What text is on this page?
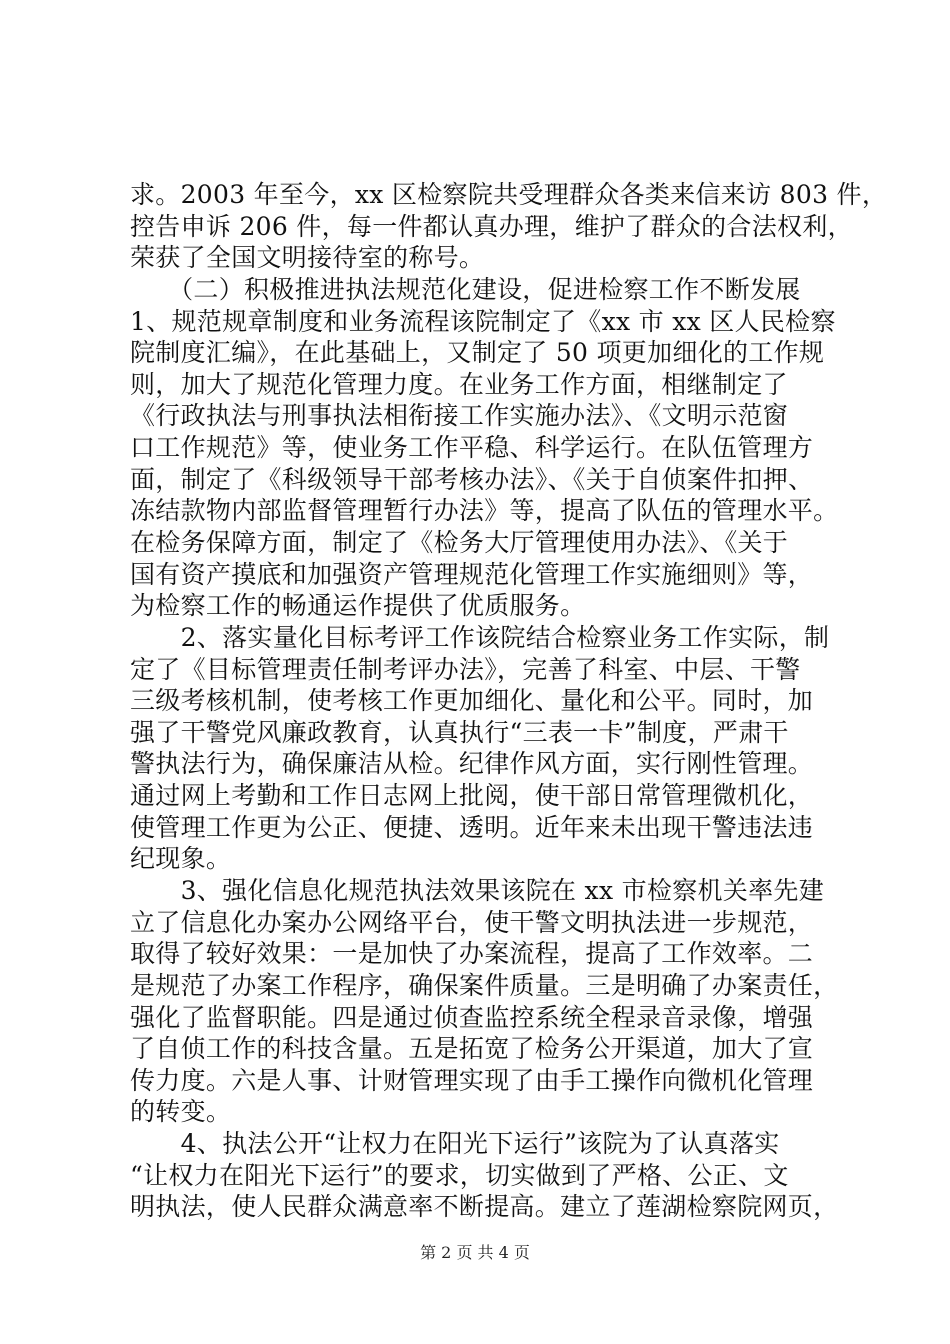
求。2003 年至今，xx 区检察院共受理群众各类来信来访 803 件，
控告申诉 206 件，每一件都认真办理，维护了群众的合法权利，
荣获了全国文明接待室的称号。
　　（二）积极推进执法规范化建设，促进检察工作不断发展
1、规范规章制度和业务流程该院制定了《xx 市 xx 区人民检察
院制度汇编》，在此基础上，又制定了 50 项更加细化的工作规
则，加大了规范化管理力度。在业务工作方面，相继制定了
《行政执法与刑事执法相衔接工作实施办法》、《文明示范窗
口工作规范》等，使业务工作平稳、科学运行。在队伍管理方
面，制定了《科级领导干部考核办法》、《关于自侦案件扣押、
冻结款物内部监督管理暂行办法》等，提高了队伍的管理水平。
在检务保障方面，制定了《检务大厅管理使用办法》、《关于
国有资产摸底和加强资产管理规范化管理工作实施细则》等，
为检察工作的畅通运作提供了优质服务。
　　2、落实量化目标考评工作该院结合检察业务工作实际，制
定了《目标管理责任制考评办法》，完善了科室、中层、干警
三级考核机制，使考核工作更加细化、量化和公平。同时，加
强了干警党风廉政教育，认真执行“三表一卡”制度，严肃干
警执法行为，确保廉洁从检。纪律作风方面，实行刚性管理。
通过网上考勤和工作日志网上批阅，使干部日常管理微机化，
使管理工作更为公正、便捷、透明。近年来未出现干警违法违
纪现象。
　　3、强化信息化规范执法效果该院在 xx 市检察机关率先建
立了信息化办案办公网络平台，使干警文明执法进一步规范，
取得了较好效果：一是加快了办案流程，提高了工作效率。二
是规范了办案工作程序，确保案件质量。三是明确了办案责任，
强化了监督职能。四是通过侦查监控系统全程录音录像，增强
了自侦工作的科技含量。五是拓宽了检务公开渠道，加大了宣
传力度。六是人事、计财管理实现了由手工操作向微机化管理
的转变。
　　4、执法公开“让权力在阳光下运行”该院为了认真落实
“让权力在阳光下运行”的要求，切实做到了严格、公正、文
明执法，使人民群众满意率不断提高。建立了莲湖检察院网页，
第 2 页 共 4 页
